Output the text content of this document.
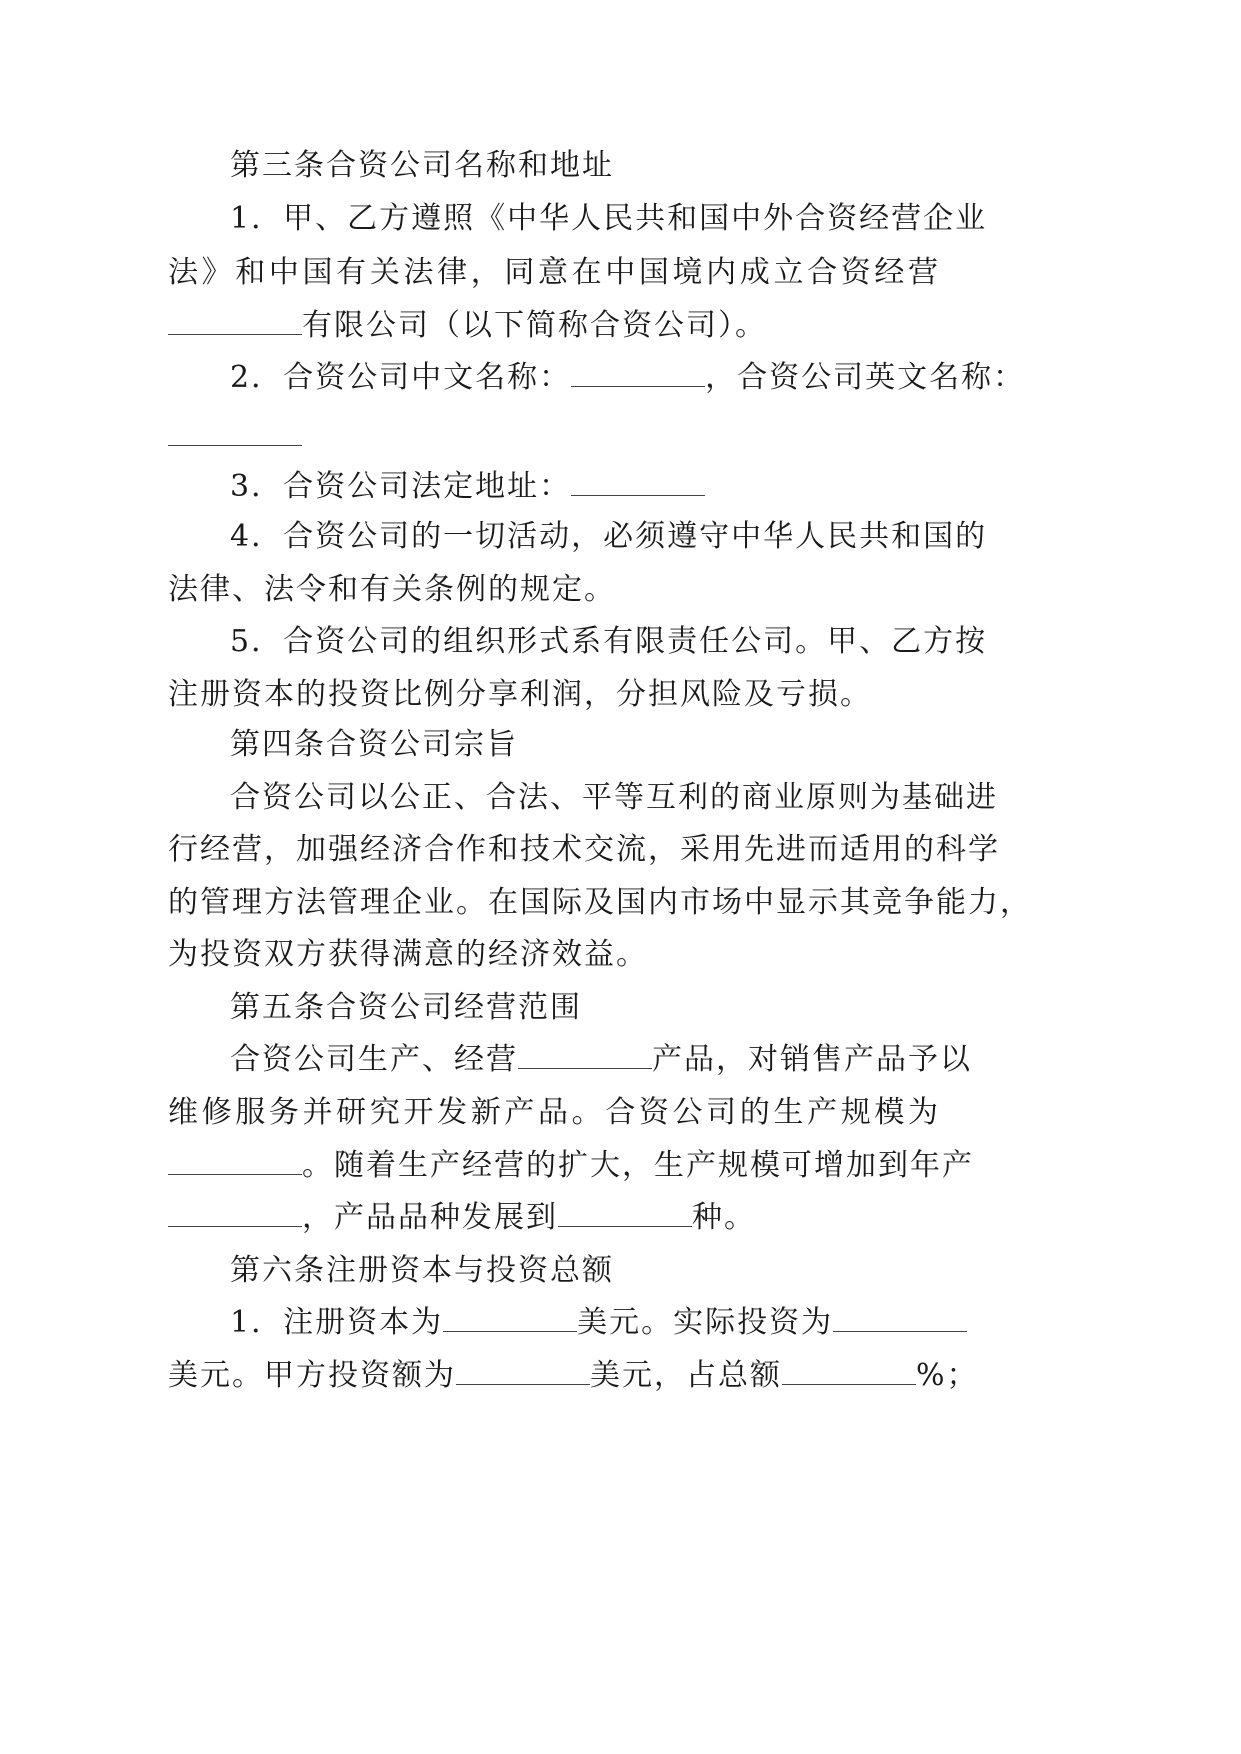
第三条合资公司名称和地址
1．甲、乙方遵照《中华人民共和国中外合资经营企业
法》和中国有关法律，同意在中国境内成立合资经营
有限公司（以下简称合资公司）。
2．合资公司中文名称：	，合资公司英文名称：
3．合资公司法定地址：
4．合资公司的一切活动，必须遵守中华人民共和国的
法律、法令和有关条例的规定。
5．合资公司的组织形式系有限责任公司。甲、乙方按
注册资本的投资比例分享利润，分担风险及亏损。
第四条合资公司宗旨
合资公司以公正、合法、平等互利的商业原则为基础进
行经营，加强经济合作和技术交流，采用先进而适用的科学
的管理方法管理企业。在国际及国内市场中显示其竞争能力，
为投资双方获得满意的经济效益。
第五条合资公司经营范围
合资公司生产、经营	产品，对销售产品予以
维修服务并研究开发新产品。合资公司的生产规模为
。随着生产经营的扩大，生产规模可增加到年产
，产品品种发展到	种。
第六条注册资本与投资总额
1．注册资本为	美元。实际投资为
美元。甲方投资额为	美元，占总额	%；
